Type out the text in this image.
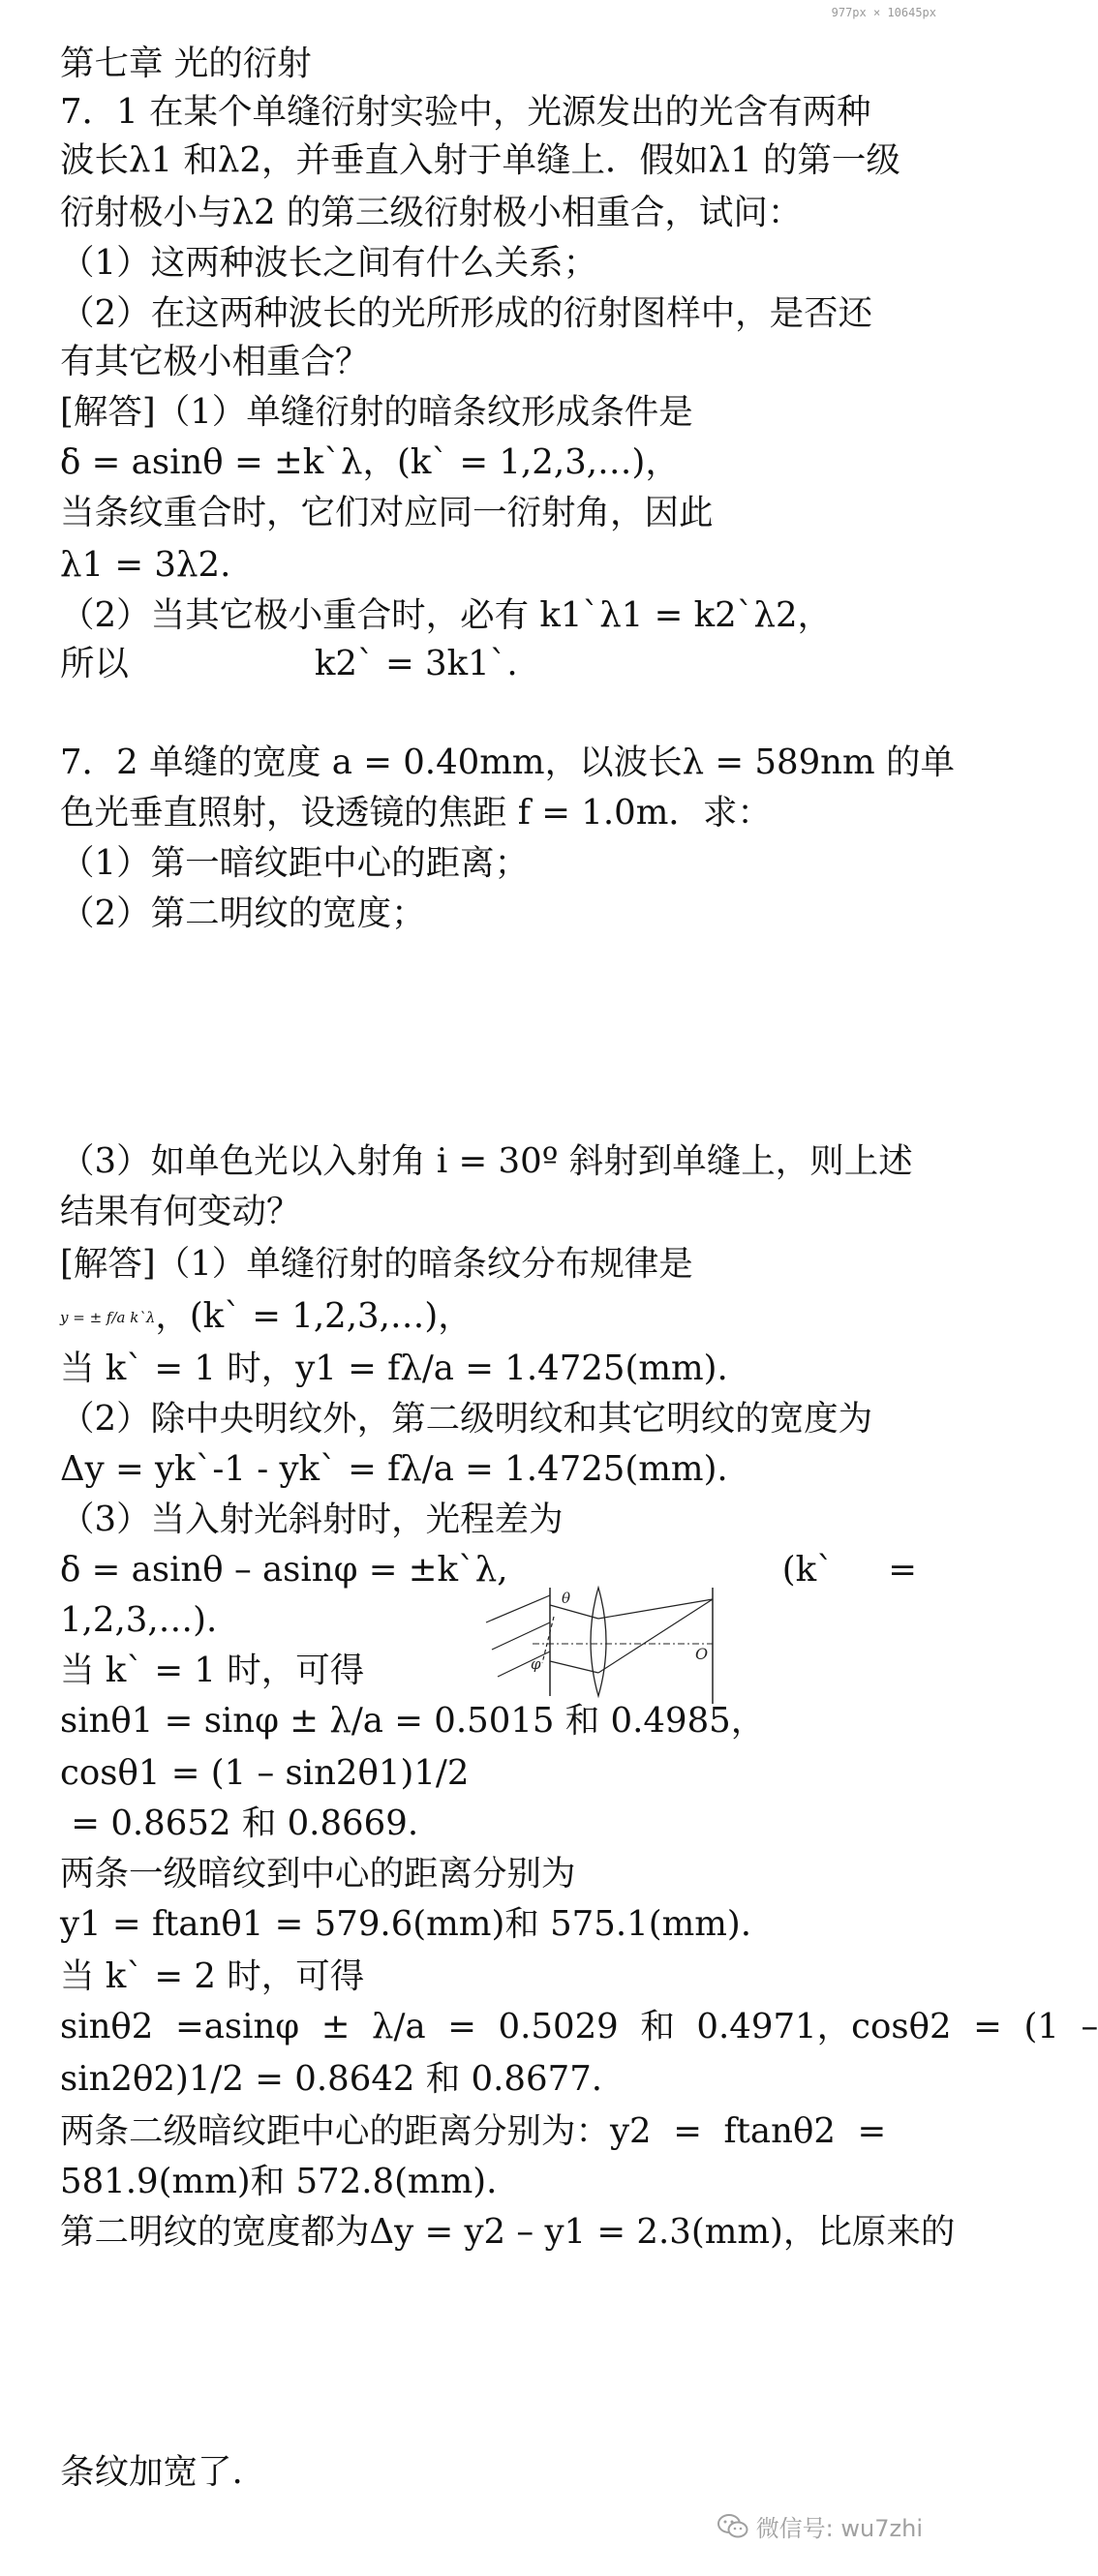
977px × 10645px

第七章 光的衍射

7．1 在某个单缝衍射实验中，光源发出的光含有两种

波长λ1 和λ2，并垂直入射于单缝上．假如λ1 的第一级

衍射极小与λ2 的第三级衍射极小相重合，试问：

（1）这两种波长之间有什么关系；

（2）在这两种波长的光所形成的衍射图样中，是否还

有其它极小相重合？

[解答]（1）单缝衍射的暗条纹形成条件是

δ = asinθ = ±k`λ，(k` = 1,2,3,…)，

当条纹重合时，它们对应同一衍射角，因此

λ1 = 3λ2.

（2）当其它极小重合时，必有 k1`λ1 = k2`λ2，

所以                 k2` = 3k1`.

7．2 单缝的宽度 a = 0.40mm，以波长λ = 589nm 的单

色光垂直照射，设透镜的焦距 f = 1.0m．求：

（1）第一暗纹距中心的距离；

（2）第二明纹的宽度；

（3）如单色光以入射角 i = 30º 斜射到单缝上，则上述

结果有何变动？

[解答]（1）单缝衍射的暗条纹分布规律是

y = ± f/a k`λ，(k` = 1,2,3,…)，

当 k` = 1 时，y1 = fλ/a = 1.4725(mm).

（2）除中央明纹外，第二级明纹和其它明纹的宽度为

Δy = yk`-1 - yk` = fλ/a = 1.4725(mm).

（3）当入射光斜射时，光程差为

δ = asinθ – asinφ = ±k`λ,	(k`     =

1,2,3,…).

当 k` = 1 时，可得

sinθ1 = sinφ ± λ/a = 0.5015 和 0.4985，

cosθ1 = (1 – sin2θ1)1/2

= 0.8652 和 0.8669.

两条一级暗纹到中心的距离分别为

y1 = ftanθ1 = 579.6(mm)和 575.1(mm).

当 k` = 2 时，可得

sinθ2  =asinφ  ±  λ/a  =  0.5029  和  0.4971，cosθ2  =  (1  –

sin2θ2)1/2 = 0.8642 和 0.8677.

两条二级暗纹距中心的距离分别为：y2  =  ftanθ2  =

581.9(mm)和 572.8(mm).

第二明纹的宽度都为Δy = y2 – y1 = 2.3(mm)，比原来的

条纹加宽了.

θ
φ
O
微信号: wu7zhi
